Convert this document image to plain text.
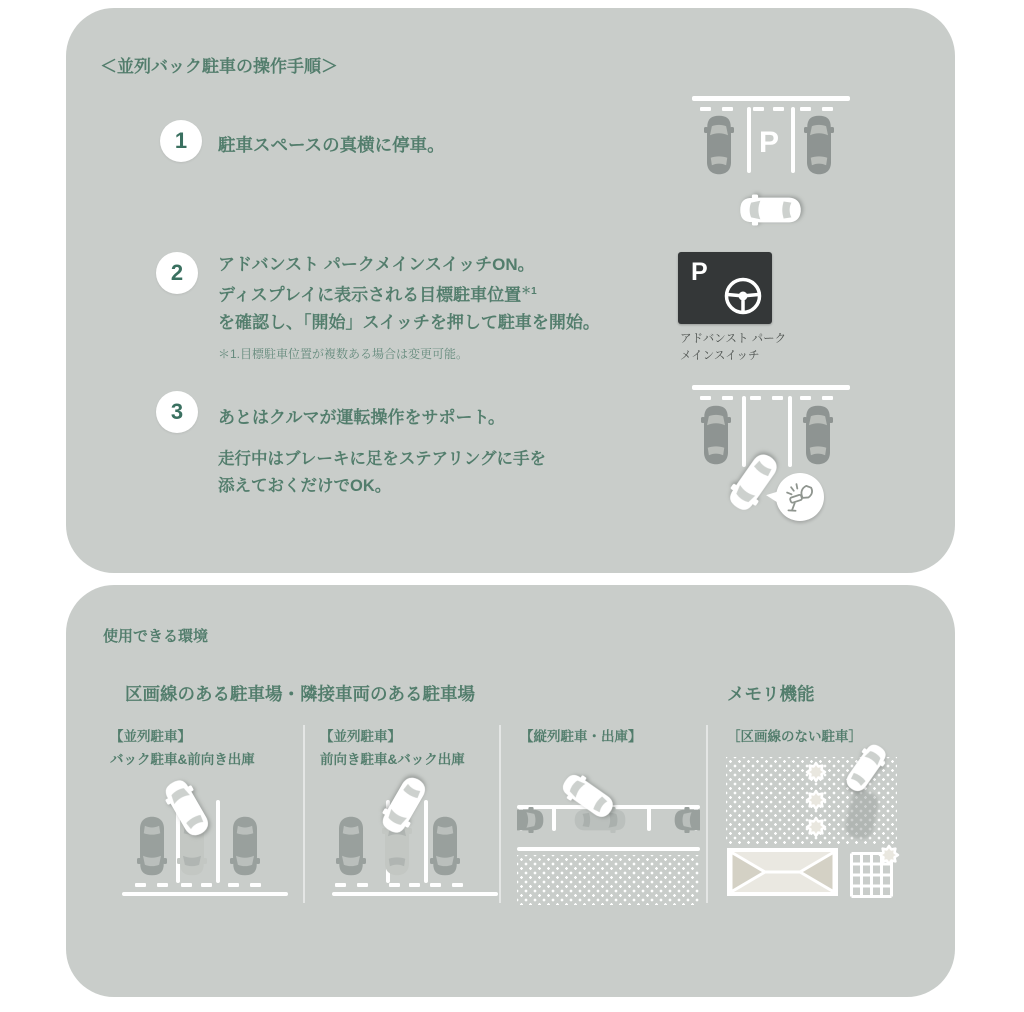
＜並列バック駐車の操作手順＞
1	駐車スペースの真横に停車。	P
2	アドバンスト パークメインスイッチON。
ディスプレイに表示される目標駐車位置$^{*1}$
を確認し、「開始」スイッチを押して駐車を開始。
＊1.目標駐車位置が複数ある場合は変更可能。
P
アドバンスト パーク
メインスイッチ
3	あとはクルマが運転操作をサポート。
走行中はブレーキに足をステアリングに手を
添えておくだけでOK。
使用できる環境
区画線のある駐車場・隣接車両のある駐車場	メモリ機能
【並列駐車】
バック駐車&前向き出庫
【並列駐車】
前向き駐車&バック出庫
【縦列駐車・出庫】	［区画線のない駐車］
